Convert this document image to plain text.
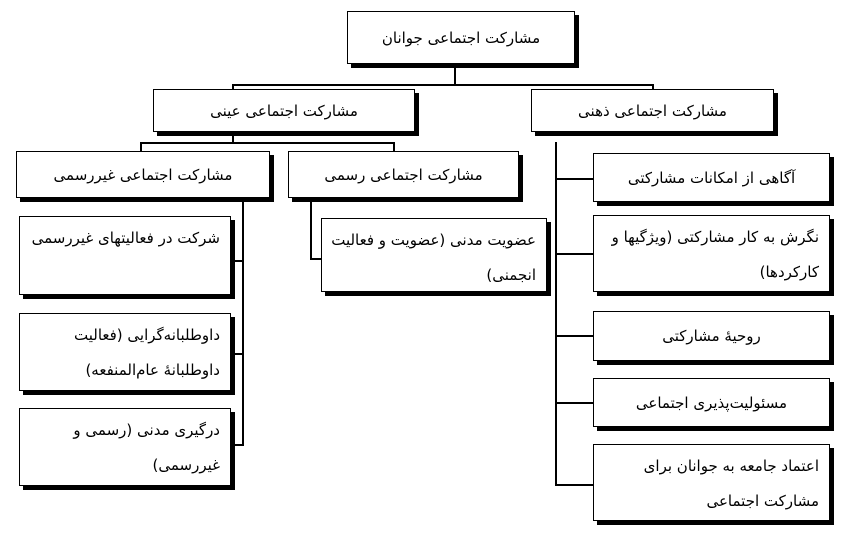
مشارکت اجتماعی جوانان
مشارکت اجتماعی عینی	مشارکت اجتماعی ذهنی
مشارکت اجتماعی غیررسمی	مشارکت اجتماعی رسمی
عضویت مدنی (عضویت و فعالیت انجمنی)
شرکت در فعالیتهای غیررسمی
داوطلبانه‌گرایی (فعالیت داوطلبانۀ عام‌المنفعه)
درگیری مدنی (رسمی و غیررسمی)
آگاهی از امکانات مشارکتی
نگرش به کار مشارکتی (ویژگیها و کارکردها)
روحیۀ مشارکتی
مسئولیت‌پذیری اجتماعی
اعتماد جامعه به جوانان برای مشارکت اجتماعی
